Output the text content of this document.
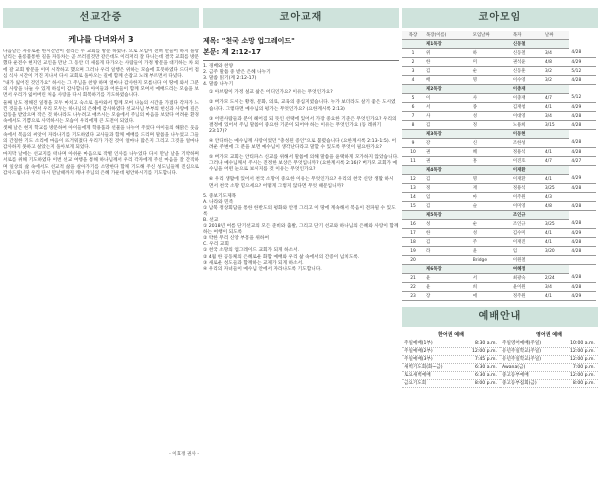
선교간증
케냐를 다녀와서 3

다음날은 자유로운 한시간만이 걸리는 두 교회를 방문 하였다. 으로 모임이 전혀 만들어 하지 플랑 날리는 울롱불통한 길을 자동차는 곧 쓰러질것만 같은데도 이리저리 잘 다니는데 결국 교회를 방문했다 운전수 현지인 교인을 만난 그 동안 더 새롭게 다가오는 사람들이 가정 방문을 대기하는 차 외에 갈 교회 방문을 이미 시작하고 했으며 그러나 우리 일행은 위하는 모습에 흐믓하였다 드디어 점심 식사 시간이 거진 지나서 다시 교회로 돌아오는 길에 함께 손잡고 노래 부르면서 다녔다.

"내가 잃어진 것인가요" 하시는 그 주님을 찬양 하며 얼마나 감사한지 모릅니다 이 땅에 와서 그분의 사랑을 나눌 수 있게 하심이 감사합니다 아이들과 어른들이 함께 모여서 예배드리는 모습을 보면서 우리가 잃어버린 처음 사랑을 다시 회복하기를 기도하였습니다.

둘째 날도 정해진 일정을 모두 마치고 숙소로 돌아와서 함께 모여 나눔의 시간을 가졌다 각자가 느낀 것들을 나누면서 우리 모두는 하나님의 은혜에 감사하였다 선교사님 부부의 헌신과 사랑에 깊은 감동을 받았으며 작은 것 하나라도 나누려고 애쓰시는 모습에서 주님의 마음을 보았다 어려운 환경 속에서도 기쁨으로 사역하시는 모습이 우리에게 큰 도전이 되었다.

셋째 날은 현지 학교를 방문하여 아이들에게 학용품과 선물을 나누어 주었다 아이들의 해맑은 웃음 속에서 복음의 씨앗이 자라나기를 기도하였다 교사들과 함께 예배를 드리며 말씀을 나누었고 그들의 간절한 기도 소리에 마음이 뜨거워졌다 우리가 가진 것이 얼마나 많은지 그리고 그것을 얼마나 감사하지 못하고 살았는지 돌아보게 되었다.

마지막 날에는 선교지를 떠나며 아쉬운 마음으로 작별 인사를 나누었다 다시 만날 날을 기약하며 서로를 위해 기도하였다 이번 선교 여행을 통해 하나님께서 우리 각자에게 주신 마음을 잘 간직하며 일상의 삶 속에서도 선교적 삶을 살아가기를 소망한다 함께 기도해 주신 성도님들께 진심으로 감사드립니다 우리 다시 만날때까지 케냐 주님의 은혜 가운데 평안하시기를 기도합니다.

- 이효정 권사 -
코아교재
제목: "천국 소망 업그레이드"
본문: 계 2:12-17

1. 경배와 찬양

2. 금주 말씀 중 받은 은혜 나누기

3. 말씀 읽기(계 2:12-17)

4. 말씀 나누기

① 아브람이 가정 설교 삶은 어디인가요? 이유는 무엇인가요?

② 버가모 도시는 황정, 문화, 의료, 교육의 중심지였습니다. 누가 보더라도 살기 좋은 도시였습니다. 그렇다면 예수님의 평가는 무엇인가요? (요한계시록 2:13)

③ 어떤사람들과 분이 헤어짐 되 뜻인 선택에 있어서 가장 중요한 기준은 무엇인가요? 우리의 결정에 있어서 주님 말씀이 중요한 기준이 되어야 하는 이유는 무엇인가요 (동 레위기 23:17)?

④ 안디바는 예수님께 사랑이었던 "충성된 증인"으로 불렸습니다 (요한계시록 2:13-1:5). 어려운 주변에 그 분을 보면 예수님이 생각난다라고 말할 수 있도록 무엇이 필요한가요?

⑤ 버가모 교회는 안티파스 신교를 위해서 말씀에 의해 말씀을 윤택하게 모가하지 않았습니다. 그러나 예수님께서 주시는 진정한 보상은 무엇입니까? (요한계시록 2:16)? 버가모 교회가 예수님을 어떤 눈으로 보시지를 것 이유는 무엇인가요?

⑥ 우리 생활에 있어서 천국 소망이 중요한 이유는 무엇인가요? 우리의 천국 신앙 생활 하시 면서 천국 소망 믿으세요? 어떻게 그렇지 않다면 무엇 때문입니까?

5. 중보기도제목

A. 나라와 민족

① 남북 정상회담을 통한 한반도의 평화와 안정 그리고 이 땅에 계속해서 복음이 전파될 수 있도록

B. 선교

① 2018년 여름 단기선교의 모든 준비와 출발, 그리고 단기 선교와 하나님의 은혜와 사랑이 함께하는 여행이 되도록

② 약한 무리 신앙 부흥을 위하여

C. 우리 교회

① 천국 소망의 업그레이드 교회가 되게 하소서.

② 4월 한 공동체의 은혜로운 화합 예배와 우리 삶 속에서의 간증이 넘치도록.

③ 새로운 성도들과 함께하는 교제가 되게 하소서.

④ 우리의 자녀들이 예수님 안에서 자라나도록 기도합니다.

코아모임
목장	목장(이름)	모임날짜	목자	날짜	
	제1목장		신동철		
1	위	하	신동철	3/4	4/28
2	한	미	권석윤	4/8	4/29
3	김	순	신동훈	3/2	5/12
4	배	명	이수영	3/2	4/28
	제2목장		이충재		
5	이	사	이충재	4/7	5/12
6	서	종	김재청	4/1	4/29
7	사	성	이대영	3/4	4/28
8	김	정	노용희	3/15	4/28
	제3목장		이동현		
9	강	신	조한성		4/28
10	권	혜	정용석	4/1	4/28
11	권	홍	이진호	4/7	4/27
	제4목장		이재환		
12	김	명	이재환	4/1	4/29
13	정	재	정용석	3/25	4/28
14	임	마	이주원	4/3	
15	김	슬	이미영	4/8	4/28
	제5목장		조인규		
16	성	순	조인규	3/25	4/28
17	한	성	김수미	4/1	4/29
18	김	주	이재진	4/1	4/28
19	라	윤	임	3/20	4/28
20		Bridge	이원철		
	제6목장		여혜정		
21	윤	서	최광숙	2/24	4/28
22	윤	희	윤이원	3/4	4/28
23	장	애	정주원	4/1	4/29
예배안내
한어권 예배	영어권 예배
주일예배(1부)	8:30 a.m.
주일예배(2부)	12:00 p.m.
주일예배(3부)	7:45 p.m.
새벽기도회(화~금)	6:30 a.m.
토요새벽예배	6:30 a.m.
금요기도회	8:00 p.m.
주일영어예배(주일)	10:00 a.m.
유년주일학교(주일)	12:00 p.m.
유년주일학교(주일)	12:00 p.m.
Awana(금)	7:00 p.m.
중고등부예배	12:00 p.m.
중고등부집회(금)	8:00 p.m.
